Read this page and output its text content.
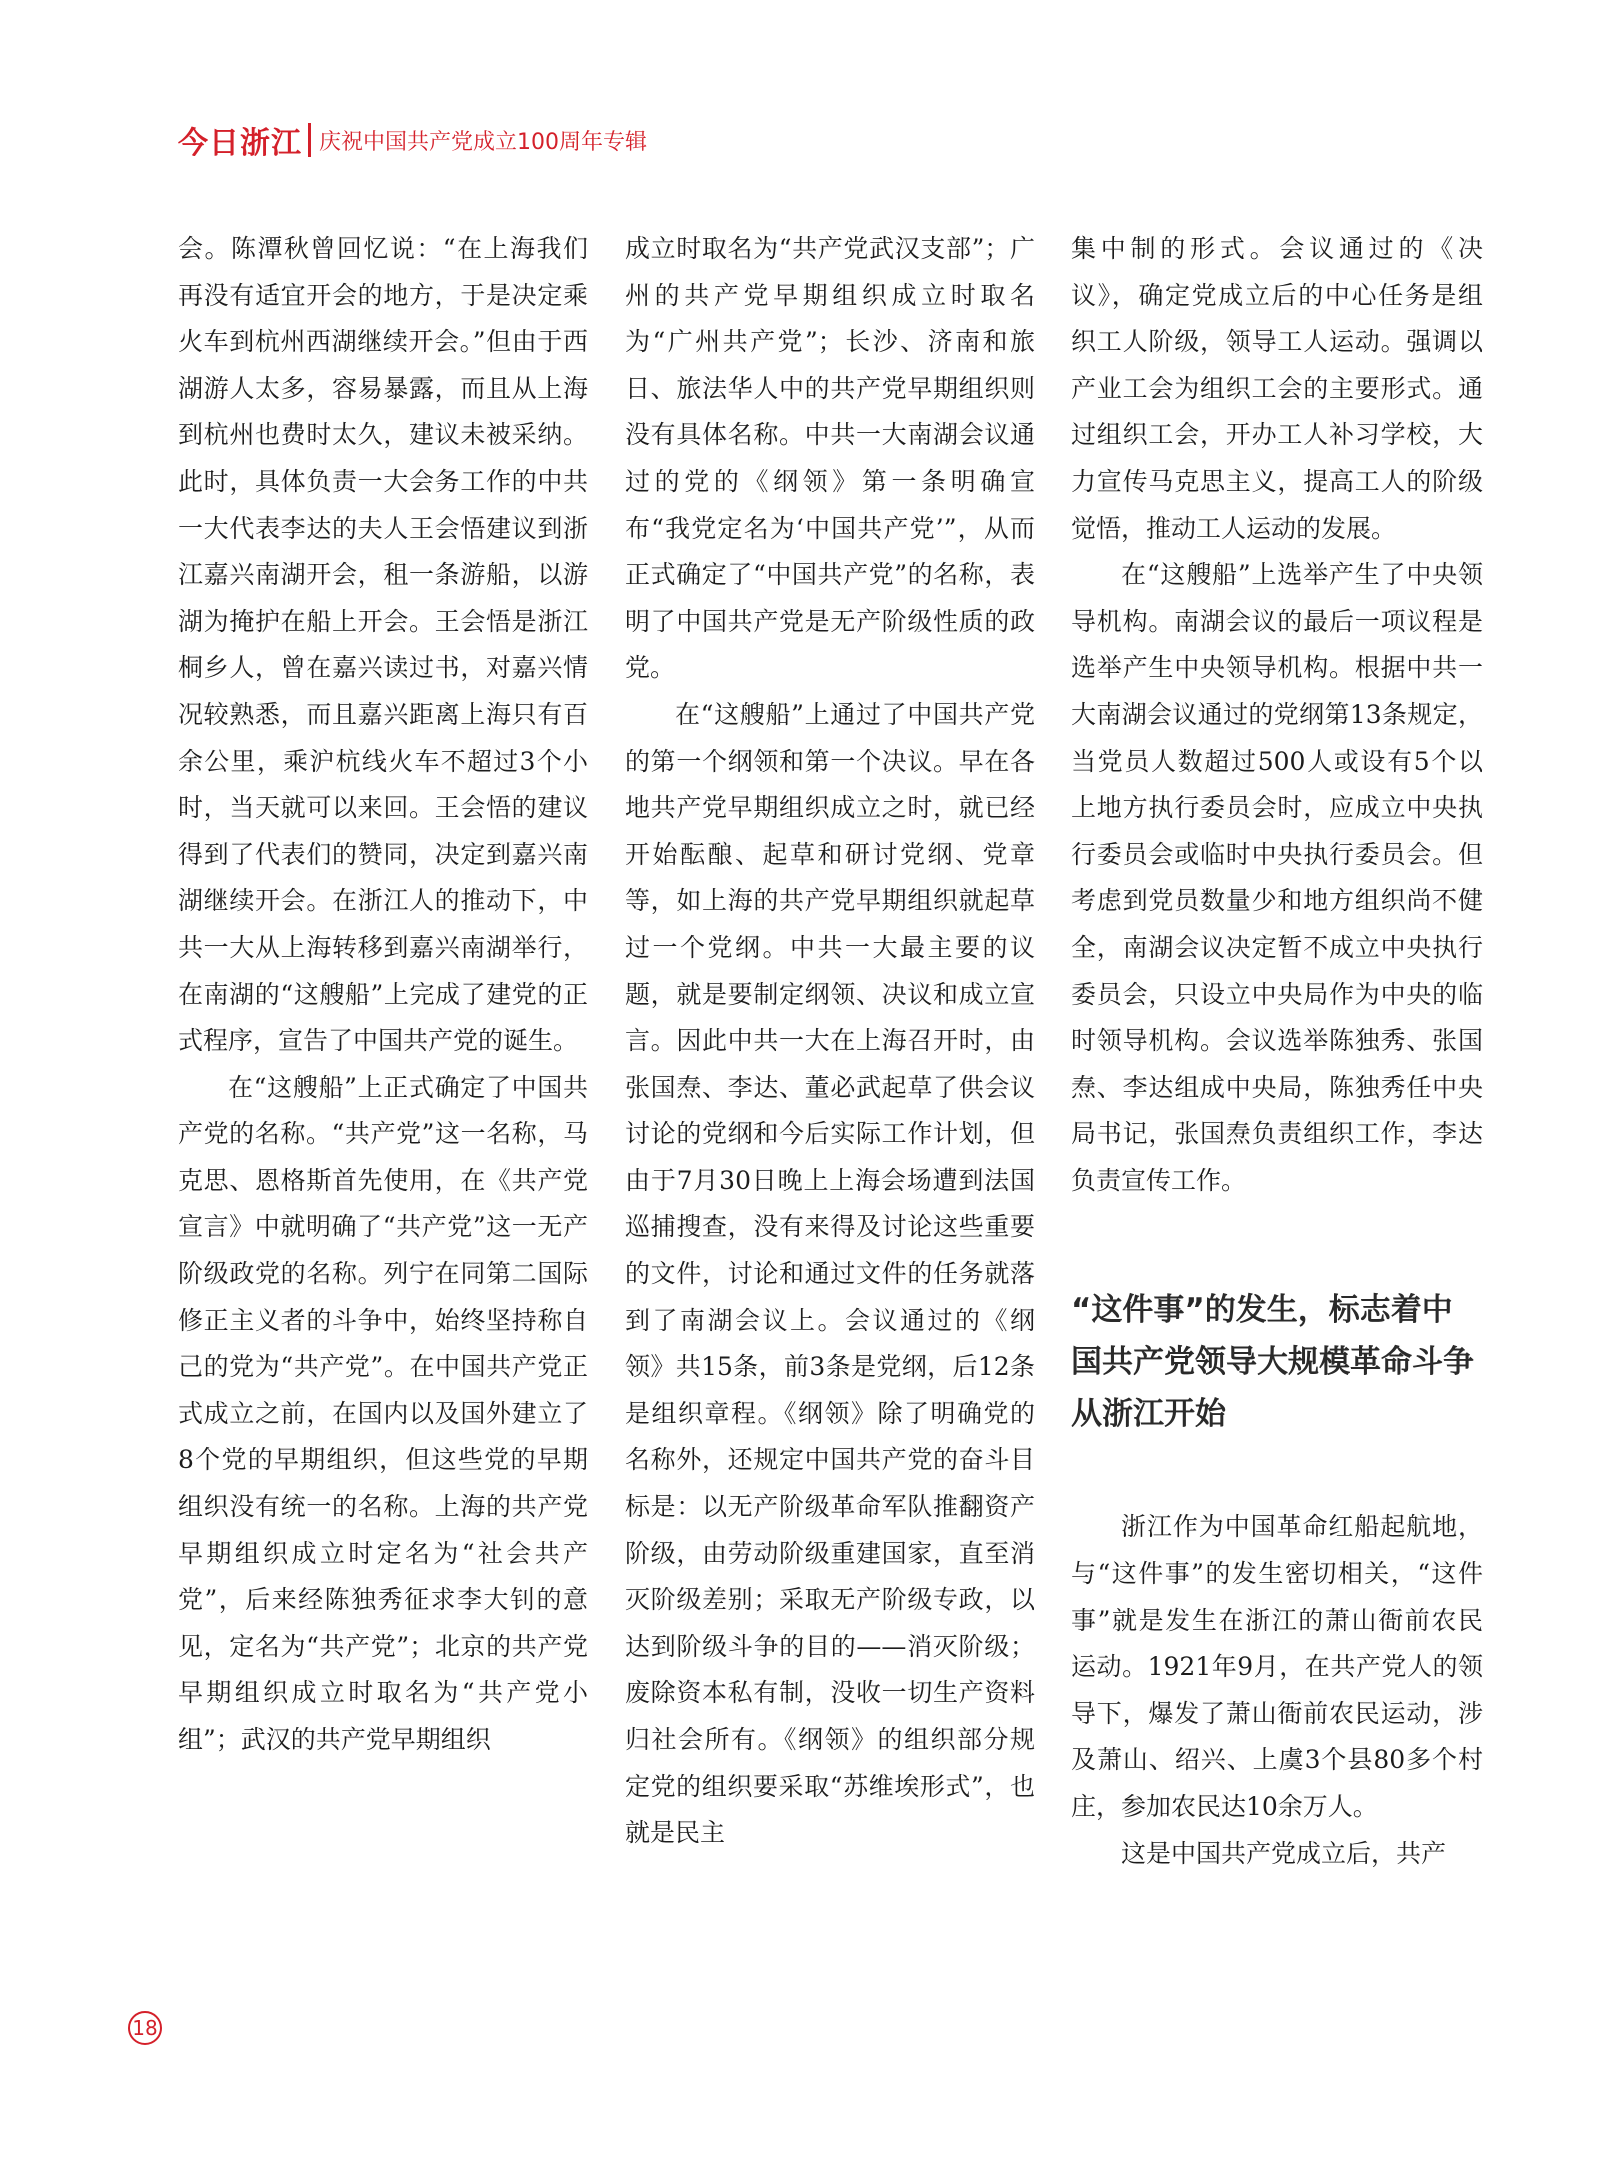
今日浙江 庆祝中国共产党成立100周年专辑

会。陈潭秋曾回忆说：“在上海我们再没有适宜开会的地方，于是决定乘火车到杭州西湖继续开会。”但由于西湖游人太多，容易暴露，而且从上海到杭州也费时太久，建议未被采纳。此时，具体负责一大会务工作的中共一大代表李达的夫人王会悟建议到浙江嘉兴南湖开会，租一条游船，以游湖为掩护在船上开会。王会悟是浙江桐乡人，曾在嘉兴读过书，对嘉兴情况较熟悉，而且嘉兴距离上海只有百余公里，乘沪杭线火车不超过3个小时，当天就可以来回。王会悟的建议得到了代表们的赞同，决定到嘉兴南湖继续开会。在浙江人的推动下，中共一大从上海转移到嘉兴南湖举行，在南湖的“这艘船”上完成了建党的正式程序，宣告了中国共产党的诞生。

在“这艘船”上正式确定了中国共产党的名称。“共产党”这一名称，马克思、恩格斯首先使用，在《共产党宣言》中就明确了“共产党”这一无产阶级政党的名称。列宁在同第二国际修正主义者的斗争中，始终坚持称自己的党为“共产党”。在中国共产党正式成立之前，在国内以及国外建立了8个党的早期组织，但这些党的早期组织没有统一的名称。上海的共产党早期组织成立时定名为“社会共产党”，后来经陈独秀征求李大钊的意见，定名为“共产党”；北京的共产党早期组织成立时取名为“共产党小组”；武汉的共产党早期组织

成立时取名为“共产党武汉支部”；广州的共产党早期组织成立时取名为“广州共产党”；长沙、济南和旅日、旅法华人中的共产党早期组织则没有具体名称。中共一大南湖会议通过的党的《纲领》第一条明确宣布“我党定名为‘中国共产党’”，从而正式确定了“中国共产党”的名称，表明了中国共产党是无产阶级性质的政党。

在“这艘船”上通过了中国共产党的第一个纲领和第一个决议。早在各地共产党早期组织成立之时，就已经开始酝酿、起草和研讨党纲、党章等，如上海的共产党早期组织就起草过一个党纲。中共一大最主要的议题，就是要制定纲领、决议和成立宣言。因此中共一大在上海召开时，由张国焘、李达、董必武起草了供会议讨论的党纲和今后实际工作计划，但由于7月30日晚上上海会场遭到法国巡捕搜查，没有来得及讨论这些重要的文件，讨论和通过文件的任务就落到了南湖会议上。会议通过的《纲领》共15条，前3条是党纲，后12条是组织章程。《纲领》除了明确党的名称外，还规定中国共产党的奋斗目标是：以无产阶级革命军队推翻资产阶级，由劳动阶级重建国家，直至消灭阶级差别；采取无产阶级专政，以达到阶级斗争的目的——消灭阶级；废除资本私有制，没收一切生产资料归社会所有。《纲领》的组织部分规定党的组织要采取“苏维埃形式”，也就是民主

集中制的形式。会议通过的《决议》，确定党成立后的中心任务是组织工人阶级，领导工人运动。强调以产业工会为组织工会的主要形式。通过组织工会，开办工人补习学校，大力宣传马克思主义，提高工人的阶级觉悟，推动工人运动的发展。

在“这艘船”上选举产生了中央领导机构。南湖会议的最后一项议程是选举产生中央领导机构。根据中共一大南湖会议通过的党纲第13条规定，当党员人数超过500人或设有5个以上地方执行委员会时，应成立中央执行委员会或临时中央执行委员会。但考虑到党员数量少和地方组织尚不健全，南湖会议决定暂不成立中央执行委员会，只设立中央局作为中央的临时领导机构。会议选举陈独秀、张国焘、李达组成中央局，陈独秀任中央局书记，张国焘负责组织工作，李达负责宣传工作。

“这件事”的发生，标志着中国共产党领导大规模革命斗争从浙江开始

浙江作为中国革命红船起航地，与“这件事”的发生密切相关，“这件事”就是发生在浙江的萧山衙前农民运动。1921年9月，在共产党人的领导下，爆发了萧山衙前农民运动，涉及萧山、绍兴、上虞3个县80多个村庄，参加农民达10余万人。

这是中国共产党成立后，共产

18
